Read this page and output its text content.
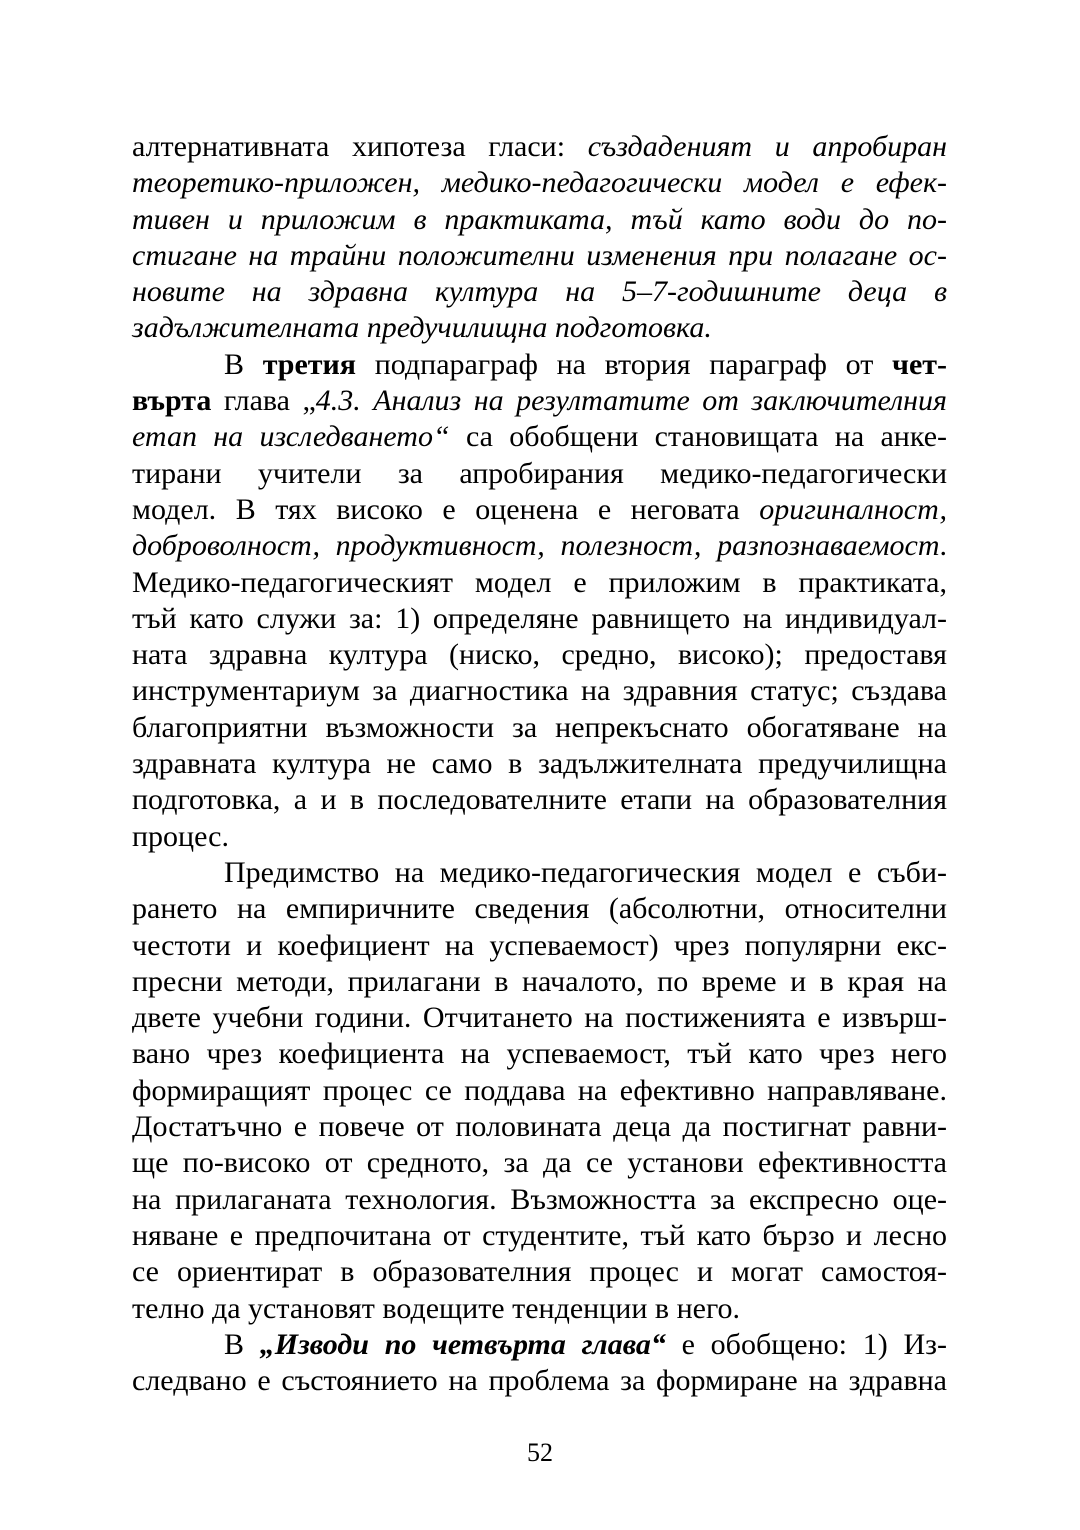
алтернативната хипотеза гласи: създаденият и апробиран
теоретико-приложен, медико-педагогически модел е ефек-
тивен и приложим в практиката, тъй като води до по-
стигане на трайни положителни изменения при полагане ос-
новите на здравна култура на 5–7-годишните деца в
задължителната предучилищна подготовка.
В третия подпараграф на втория параграф от чет-
върта глава „4.3. Анализ на резултатите от заключителния
етап на изследването“ са обобщени становищата на анке-
тирани учители за апробирания медико-педагогически
модел. В тях високо е оценена е неговата оригиналност,
доброволност, продуктивност, полезност, разпознаваемост.
Медико-педагогическият модел е приложим в практиката,
тъй като служи за: 1) определяне равнището на индивидуал-
ната здравна култура (ниско, средно, високо); предоставя
инструментариум за диагностика на здравния статус; създава
благоприятни възможности за непрекъснато обогатяване на
здравната култура не само в задължителната предучилищна
подготовка, а и в последователните етапи на образователния
процес.
Предимство на медико-педагогическия модел е съби-
рането на емпиричните сведения (абсолютни, относителни
честоти и коефициент на успеваемост) чрез популярни екс-
пресни методи, прилагани в началото, по време и в края на
двете учебни години. Отчитането на постиженията е извърш-
вано чрез коефициента на успеваемост, тъй като чрез него
формиращият процес се поддава на ефективно направляване.
Достатъчно е повече от половината деца да постигнат равни-
ще по-високо от средното, за да се установи ефективността
на прилаганата технология. Възможността за експресно оце-
няване е предпочитана от студентите, тъй като бързо и лесно
се ориентират в образователния процес и могат самостоя-
телно да установят водещите тенденции в него.
В „Изводи по четвърта глава“ е обобщено: 1) Из-
следвано е състоянието на проблема за формиране на здравна
52
